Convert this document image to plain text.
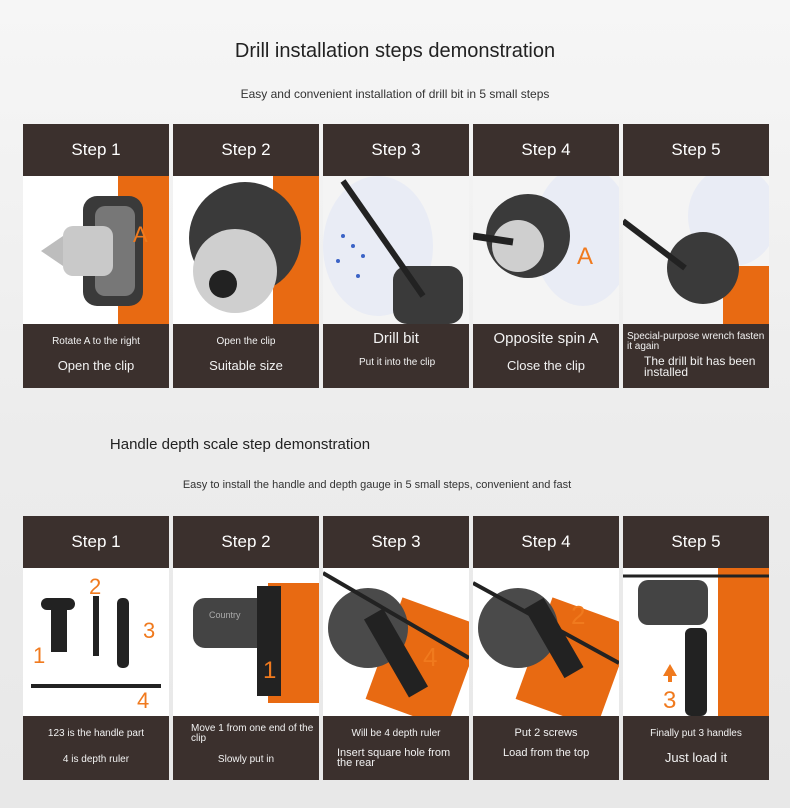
Drill installation steps demonstration
Easy and convenient installation of drill bit in 5 small steps
Step 1
A
Rotate A to the right
Open the clip
Step 2
Open the clip
Suitable size
Step 3
Drill bit
Put it into the clip
Step 4
A
Opposite spin A
Close the clip
Step 5
Special-purpose wrench fasten it again
The drill bit has been installed
Handle depth scale step demonstration
Easy to install the handle and depth gauge in 5 small steps, convenient and fast
Step 1
1
2
3
4
123 is the handle part
4 is depth ruler
Step 2
Country
1
Move 1 from one end of the clip
Slowly put in
Step 3
4
Will be 4 depth ruler
Insert square hole from the rear
Step 4
2
Put 2 screws
Load from the top
Step 5
3
Finally put 3 handles
Just load it
